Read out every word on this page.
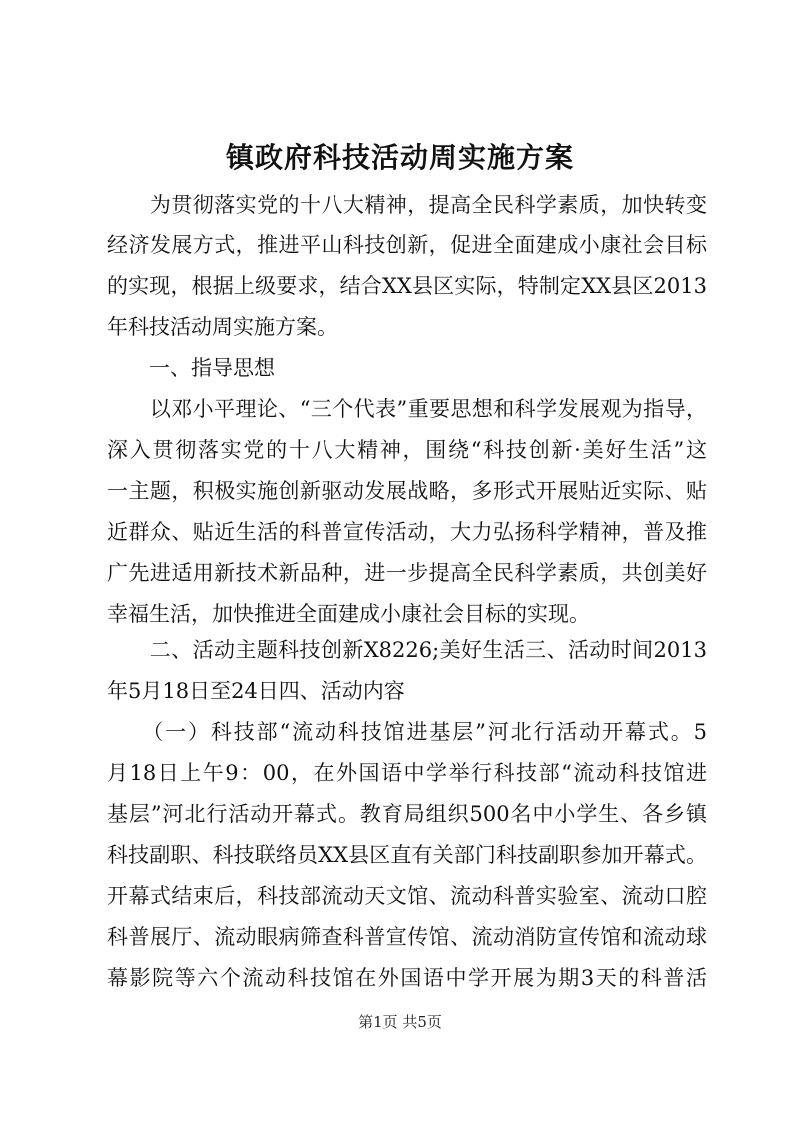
镇政府科技活动周实施方案
　　为贯彻落实党的十八大精神，提高全民科学素质，加快转变
经济发展方式，推进平山科技创新，促进全面建成小康社会目标
的实现，根据上级要求，结合XX县区实际，特制定XX县区2013
年科技活动周实施方案。
　　一、指导思想
　　以邓小平理论、“三个代表”重要思想和科学发展观为指导，
深入贯彻落实党的十八大精神，围绕“科技创新·美好生活”这
一主题，积极实施创新驱动发展战略，多形式开展贴近实际、贴
近群众、贴近生活的科普宣传活动，大力弘扬科学精神，普及推
广先进适用新技术新品种，进一步提高全民科学素质，共创美好
幸福生活，加快推进全面建成小康社会目标的实现。
　　二、活动主题科技创新X8226;美好生活三、活动时间2013
年5月18日至24日四、活动内容
　　（一）科技部“流动科技馆进基层”河北行活动开幕式。5
月18日上午9：00，在外国语中学举行科技部“流动科技馆进
基层”河北行活动开幕式。教育局组织500名中小学生、各乡镇
科技副职、科技联络员XX县区直有关部门科技副职参加开幕式。
开幕式结束后，科技部流动天文馆、流动科普实验室、流动口腔
科普展厅、流动眼病筛查科普宣传馆、流动消防宣传馆和流动球
幕影院等六个流动科技馆在外国语中学开展为期3天的科普活
第1页 共5页
